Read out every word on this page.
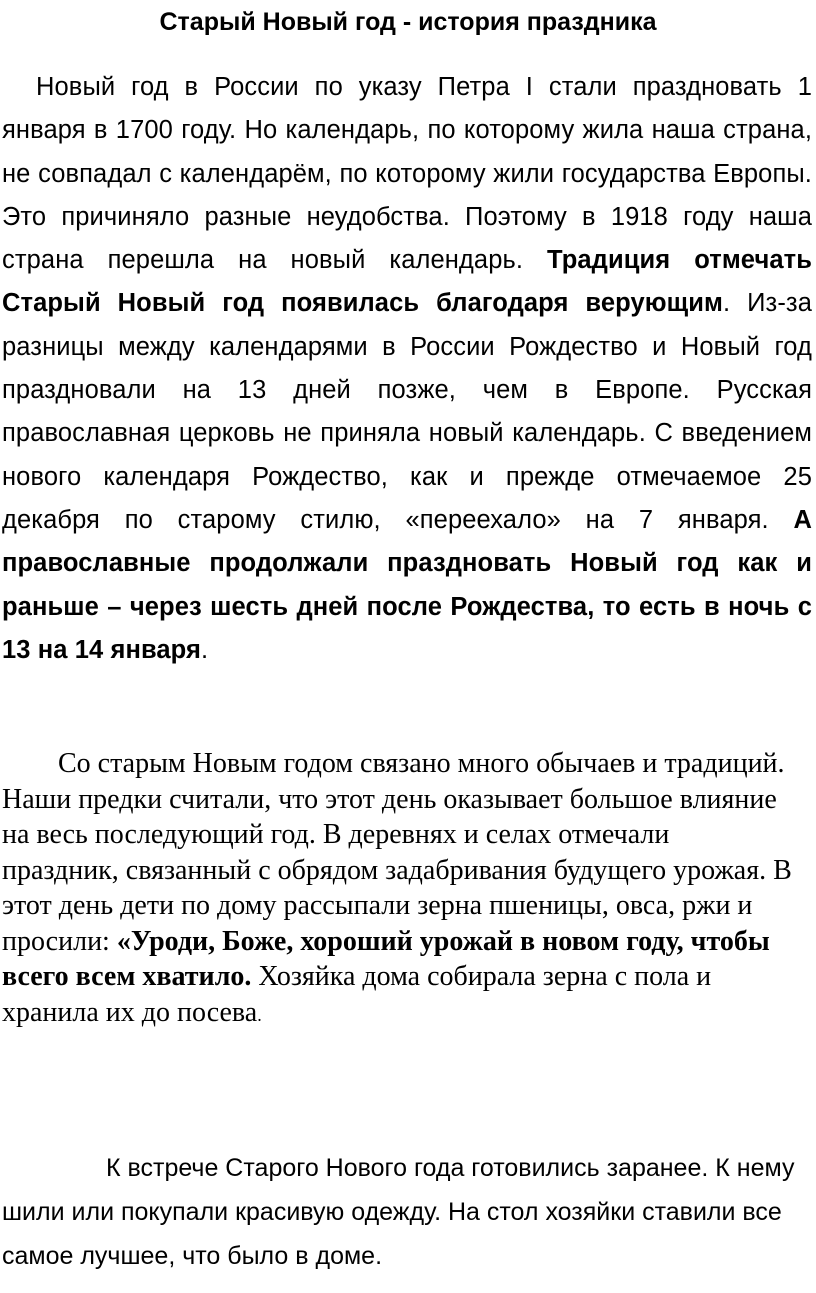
Старый Новый год - история праздника

Новый год в России по указу Петра I стали праздновать 1 января в 1700 году. Но календарь, по которому жила наша страна, не совпадал с календарём, по которому жили государства Европы. Это причиняло разные неудобства. Поэтому в 1918 году наша страна перешла на новый календарь. Традиция отмечать Старый Новый год появилась благодаря верующим. Из-за разницы между календарями в России Рождество и Новый год праздновали на 13 дней позже, чем в Европе. Русская православная церковь не приняла новый календарь. С введением нового календаря Рождество, как и прежде отмечаемое 25 декабря по старому стилю, «переехало» на 7 января. А православные продолжали праздновать Новый год как и раньше – через шесть дней после Рождества, то есть в ночь с 13 на 14 января.

Со старым Новым годом связано много обычаев и традиций. Наши предки считали, что этот день оказывает большое влияние на весь последующий год. В деревнях и селах отмечали праздник, связанный с обрядом задабривания будущего урожая. В этот день дети по дому рассыпали зерна пшеницы, овса, ржи и просили: «Уроди, Боже, хороший урожай в новом году, чтобы всего всем хватило. Хозяйка дома собирала зерна с пола и хранила их до посева.

К встрече Старого Нового года готовились заранее. К нему шили или покупали красивую одежду. На стол хозяйки ставили все самое лучшее, что было в доме.
